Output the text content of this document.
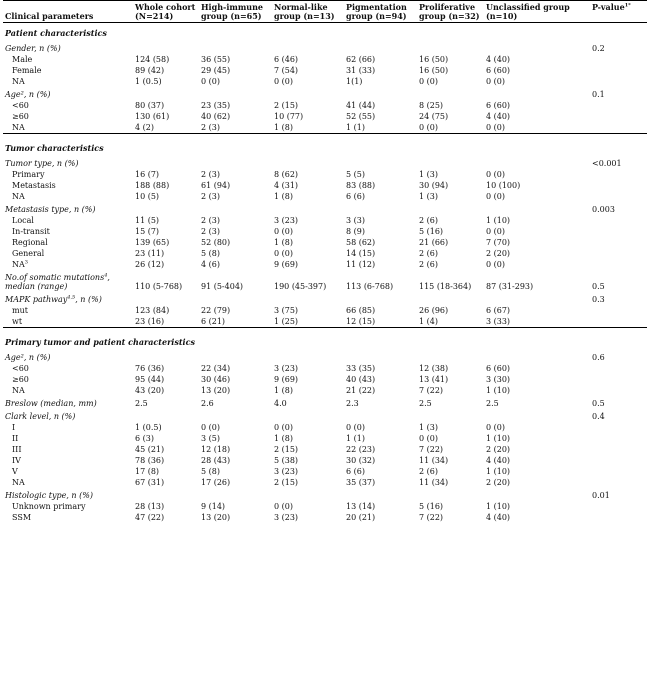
Clinical parameters	Whole cohort (N=214)	High-immune group (n=65)	Normal-like group (n=13)	Pigmentation group (n=94)	Proliferative group (n=32)	Unclassified group (n=10)	P-value$^{1*}$
Patient characteristics							
Gender, n (%)							0.2
Male	124 (58)	36 (55)	6 (46)	62 (66)	16 (50)	4 (40)	
Female	89 (42)	29 (45)	7 (54)	31 (33)	16 (50)	6 (60)	
NA	1 (0.5)	0 (0)	0 (0)	1(1)	0 (0)	0 (0)	
Age², n (%)							0.1
<60	80 (37)	23 (35)	2 (15)	41 (44)	8 (25)	6 (60)	
≥60	130 (61)	40 (62)	10 (77)	52 (55)	24 (75)	4 (40)	
NA	4 (2)	2 (3)	1 (8)	1 (1)	0 (0)	0 (0)	
Tumor characteristics							
Tumor type, n (%)							<0.001
Primary	16 (7)	2 (3)	8 (62)	5 (5)	1 (3)	0 (0)	
Metastasis	188 (88)	61 (94)	4 (31)	83 (88)	30 (94)	10 (100)	
NA	10 (5)	2 (3)	1 (8)	6 (6)	1 (3)	0 (0)	
Metastasis type, n (%)							0.003
Local	11 (5)	2 (3)	3 (23)	3 (3)	2 (6)	1 (10)	
In-transit	15 (7)	2 (3)	0 (0)	8 (9)	5 (16)	0 (0)	
Regional	139 (65)	52 (80)	1 (8)	58 (62)	21 (66)	7 (70)	
General	23 (11)	5 (8)	0 (0)	14 (15)	2 (6)	2 (20)	
$NA^3$	26 (12)	4 (6)	9 (69)	11 (12)	2 (6)	0 (0)	
No.of somatic mutations$^4$, median (range)	110 (5-768)	91 (5-404)	190 (45-397)	113 (6-768)	115 (18-364)	87 (31-293)	0.5
MAPK pathway$^{4,5}$, n (%)							0.3
mut	123 (84)	22 (79)	3 (75)	66 (85)	26 (96)	6 (67)	
wt	23 (16)	6 (21)	1 (25)	12 (15)	1 (4)	3 (33)	
Primary tumor and patient characteristics							
Age², n (%)							0.6
<60	76 (36)	22 (34)	3 (23)	33 (35)	12 (38)	6 (60)	
≥60	95 (44)	30 (46)	9 (69)	40 (43)	13 (41)	3 (30)	
NA	43 (20)	13 (20)	1 (8)	21 (22)	7 (22)	1 (10)	
Breslow (median, mm)	2.5	2.6	4.0	2.3	2.5	2.5	0.5
Clark level, n (%)							0.4
I	1 (0.5)	0 (0)	0 (0)	0 (0)	1 (3)	0 (0)	
II	6 (3)	3 (5)	1 (8)	1 (1)	0 (0)	1 (10)	
III	45 (21)	12 (18)	2 (15)	22 (23)	7 (22)	2 (20)	
IV	78 (36)	28 (43)	5 (38)	30 (32)	11 (34)	4 (40)	
V	17 (8)	5 (8)	3 (23)	6 (6)	2 (6)	1 (10)	
NA	67 (31)	17 (26)	2 (15)	35 (37)	11 (34)	2 (20)	
Histologic type, n (%)							0.01
Unknown primary	28 (13)	9 (14)	0 (0)	13 (14)	5 (16)	1 (10)	
SSM	47 (22)	13 (20)	3 (23)	20 (21)	7 (22)	4 (40)	
